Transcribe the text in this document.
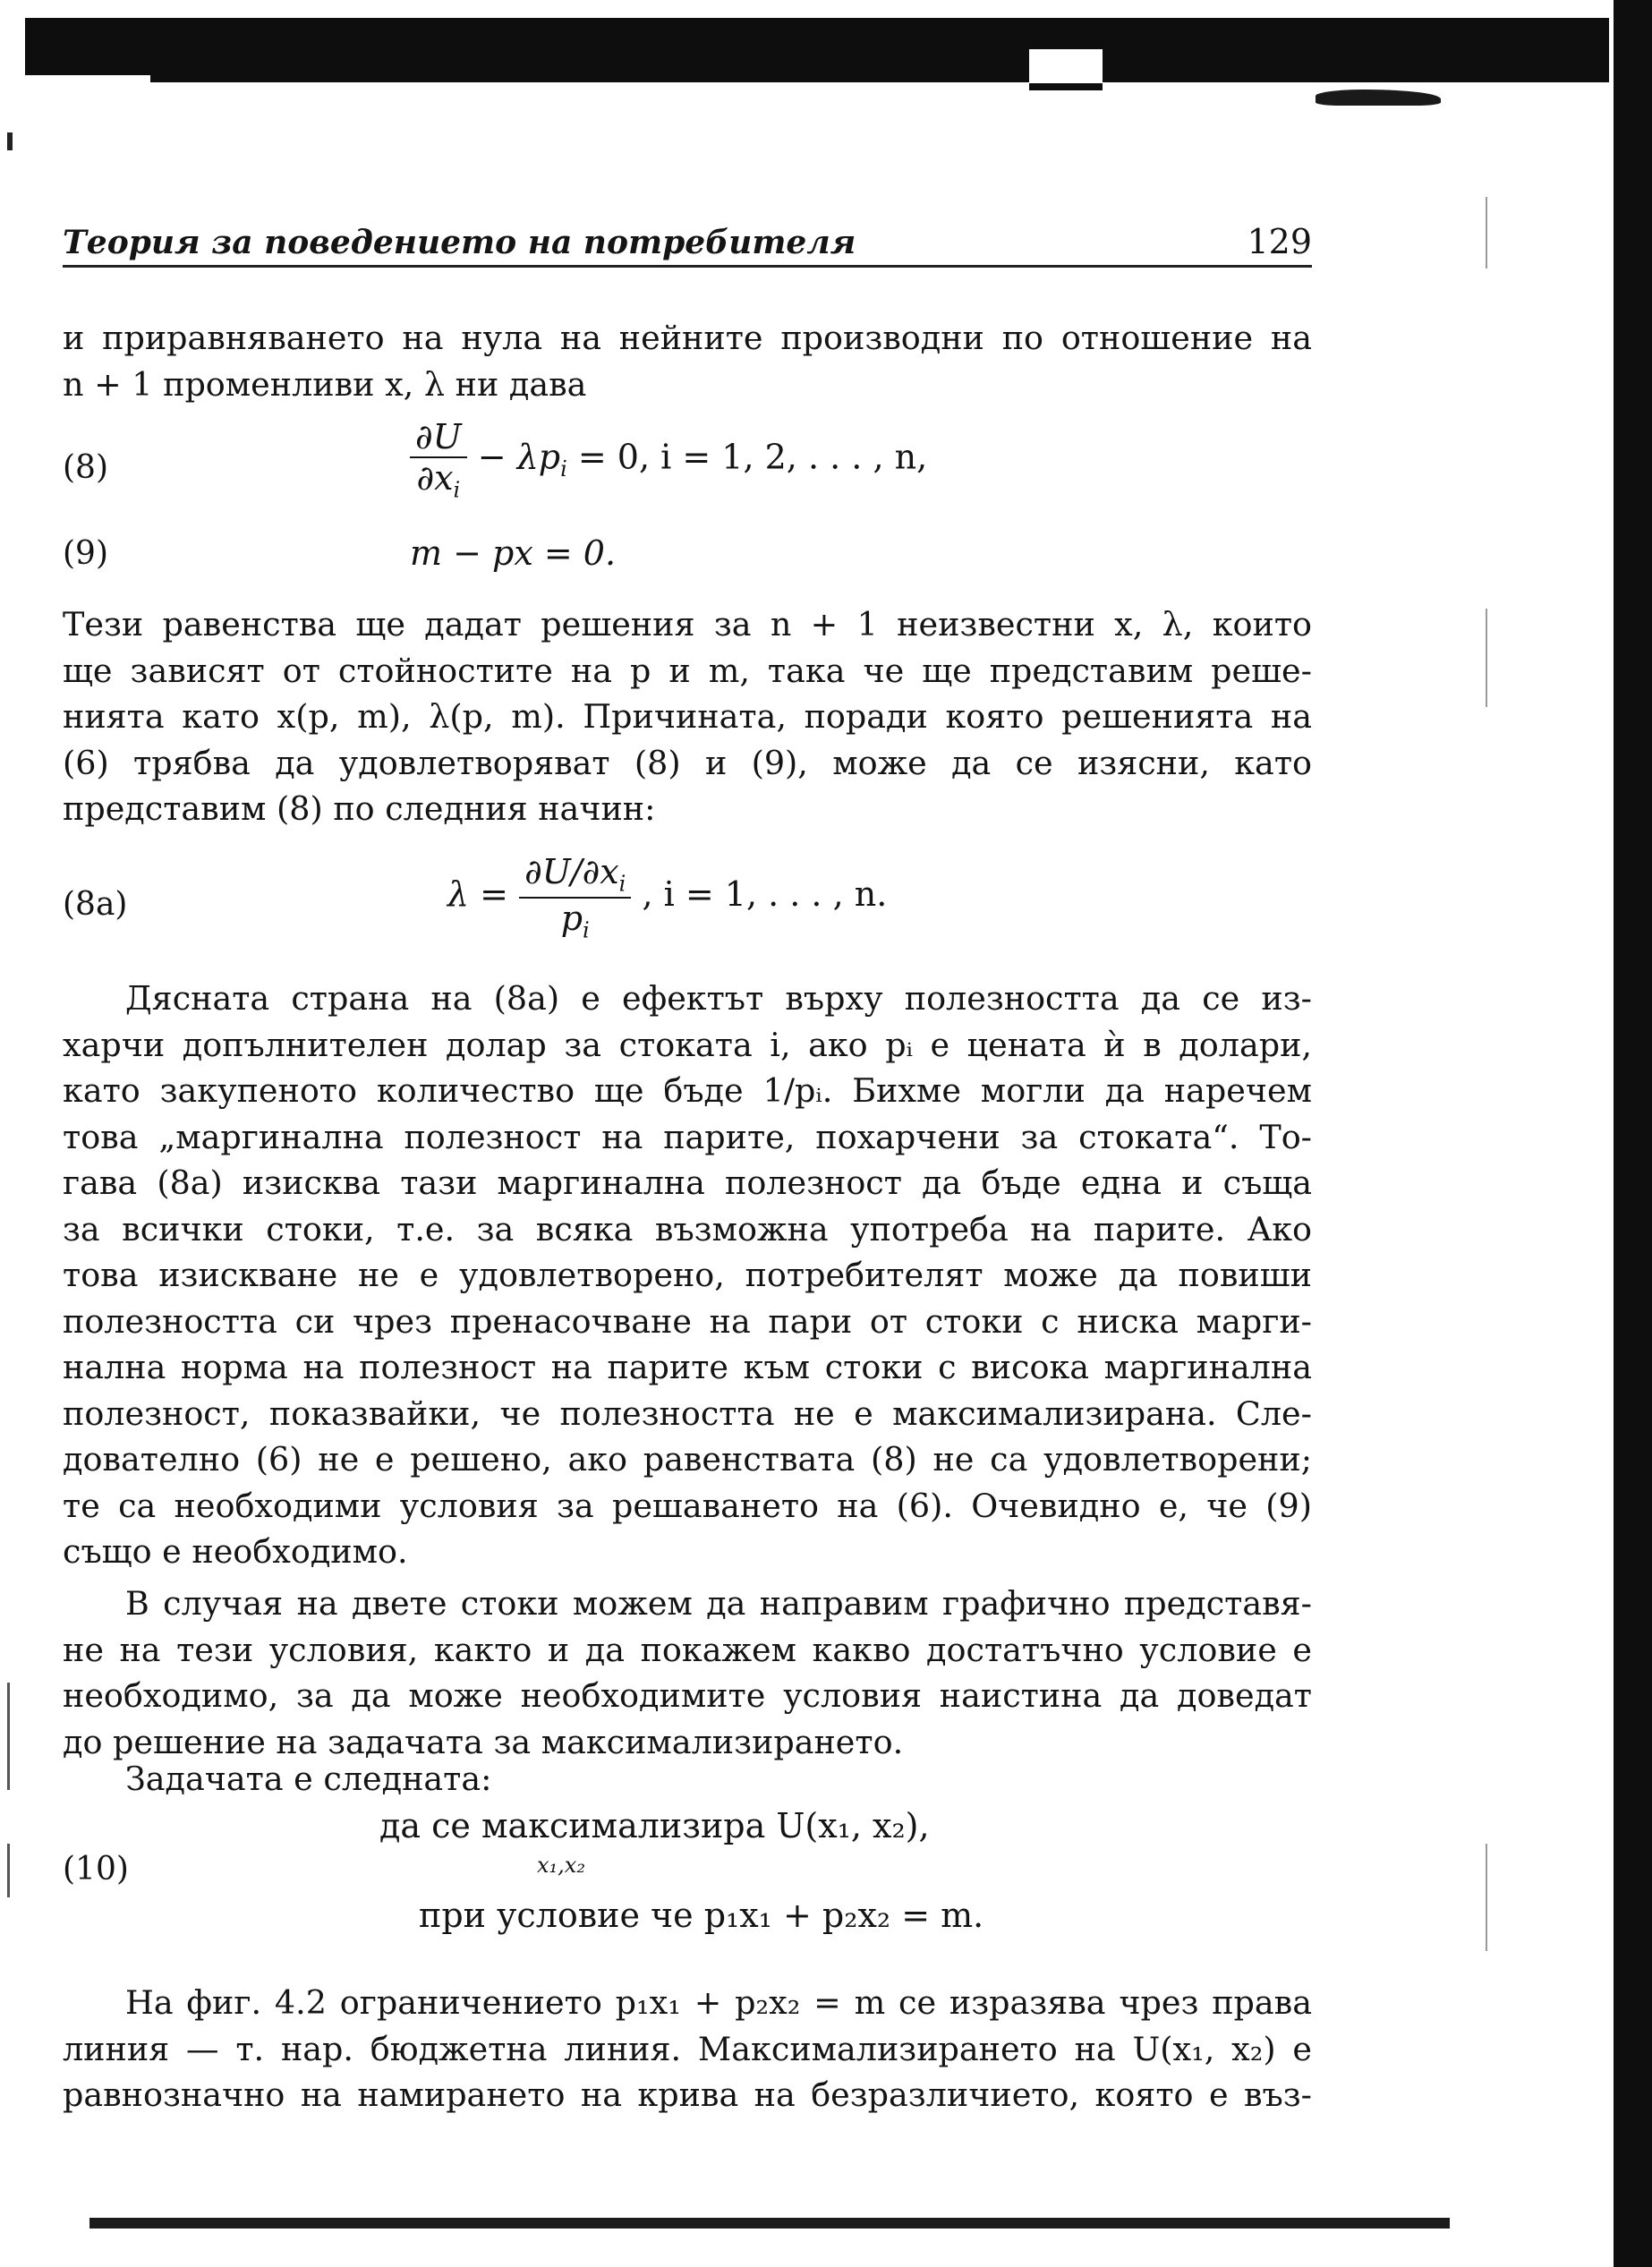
Теория за поведението на потребителя	129
и приравняването на нула на нейните производни по отношение на
n + 1 променливи x, λ ни дава
(8)	$\frac{\partial U}{\partial x_i} - \lambda p_i = 0$, i = 1, 2, . . . , n,
(9)	m − px = 0.
Тези равенства ще дадат решения за n + 1 неизвестни x, λ, които
ще зависят от стойностите на p и m, така че ще представим реше-
нията като x(p, m), λ(p, m). Причината, поради която решенията на
(6) трябва да удовлетворяват (8) и (9), може да се изясни, като
представим (8) по следния начин:
(8a)	$\lambda = \frac{\partial U/\partial x_i}{p_i}$ , i = 1, . . . , n.
Дясната страна на (8a) е ефектът върху полезността да се из-
харчи допълнителен долар за стоката i, ако pᵢ е цената ѝ в долари,
като закупеното количество ще бъде 1/pᵢ. Бихме могли да наречем
това „маргинална полезност на парите, похарчени за стоката“. То-
гава (8a) изисква тази маргинална полезност да бъде една и съща
за всички стоки, т.е. за всяка възможна употреба на парите. Ако
това изискване не е удовлетворено, потребителят може да повиши
полезността си чрез пренасочване на пари от стоки с ниска марги-
нална норма на полезност на парите към стоки с висока маргинална
полезност, показвайки, че полезността не е максимализирана. Сле-
дователно (6) не е решено, ако равенствата (8) не са удовлетворени;
те са необходими условия за решаването на (6). Очевидно е, че (9)
също е необходимо.
В случая на двете стоки можем да направим графично представя-
не на тези условия, както и да покажем какво достатъчно условие е
необходимо, за да може необходимите условия наистина да доведат
до решение на задачата за максимализирането.
Задачата е следната:
(10)
да се максимализира U(x₁, x₂),
x₁,x₂
при условие че p₁x₁ + p₂x₂ = m.
На фиг. 4.2 ограничението p₁x₁ + p₂x₂ = m се изразява чрез права
линия — т. нар. бюджетна линия. Максимализирането на U(x₁, x₂) е
равнозначно на намирането на крива на безразличието, която е въз-
